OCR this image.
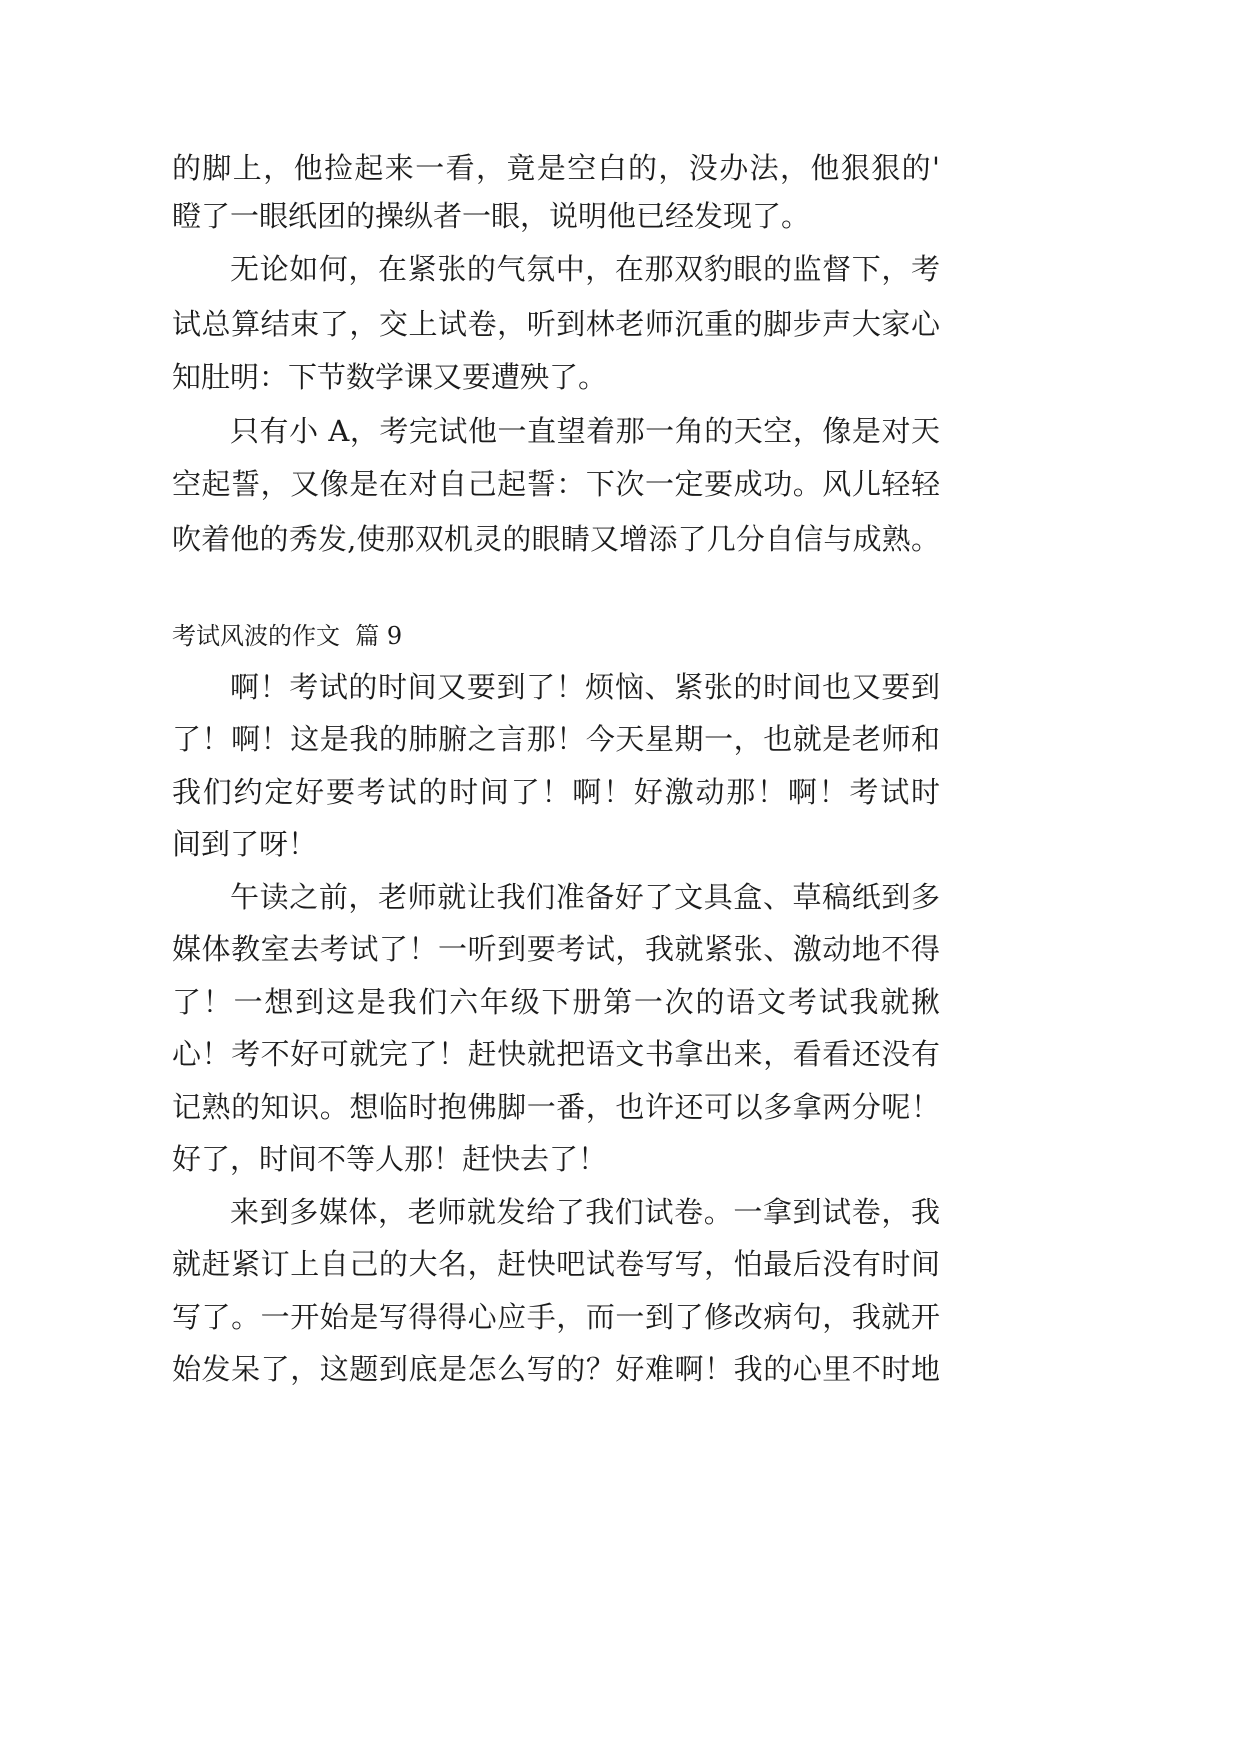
的脚上，他捡起来一看，竟是空白的，没办法，他狠狠的'
瞪了一眼纸团的操纵者一眼，说明他已经发现了。
无论如何，在紧张的气氛中，在那双豹眼的监督下，考
试总算结束了，交上试卷，听到林老师沉重的脚步声大家心
知肚明：下节数学课又要遭殃了。
只有小 A，考完试他一直望着那一角的天空，像是对天
空起誓，又像是在对自己起誓：下次一定要成功。风儿轻轻
吹着他的秀发,使那双机灵的眼睛又增添了几分自信与成熟。
考试风波的作文  篇 9
啊！考试的时间又要到了！烦恼、紧张的时间也又要到
了！啊！这是我的肺腑之言那！今天星期一，也就是老师和
我们约定好要考试的时间了！啊！好激动那！啊！考试时
间到了呀！
午读之前，老师就让我们准备好了文具盒、草稿纸到多
媒体教室去考试了！一听到要考试，我就紧张、激动地不得
了！一想到这是我们六年级下册第一次的语文考试我就揪
心！考不好可就完了！赶快就把语文书拿出来，看看还没有
记熟的知识。想临时抱佛脚一番，也许还可以多拿两分呢！
好了，时间不等人那！赶快去了！
来到多媒体，老师就发给了我们试卷。一拿到试卷，我
就赶紧订上自己的大名，赶快吧试卷写写，怕最后没有时间
写了。一开始是写得得心应手，而一到了修改病句，我就开
始发呆了，这题到底是怎么写的？好难啊！我的心里不时地
